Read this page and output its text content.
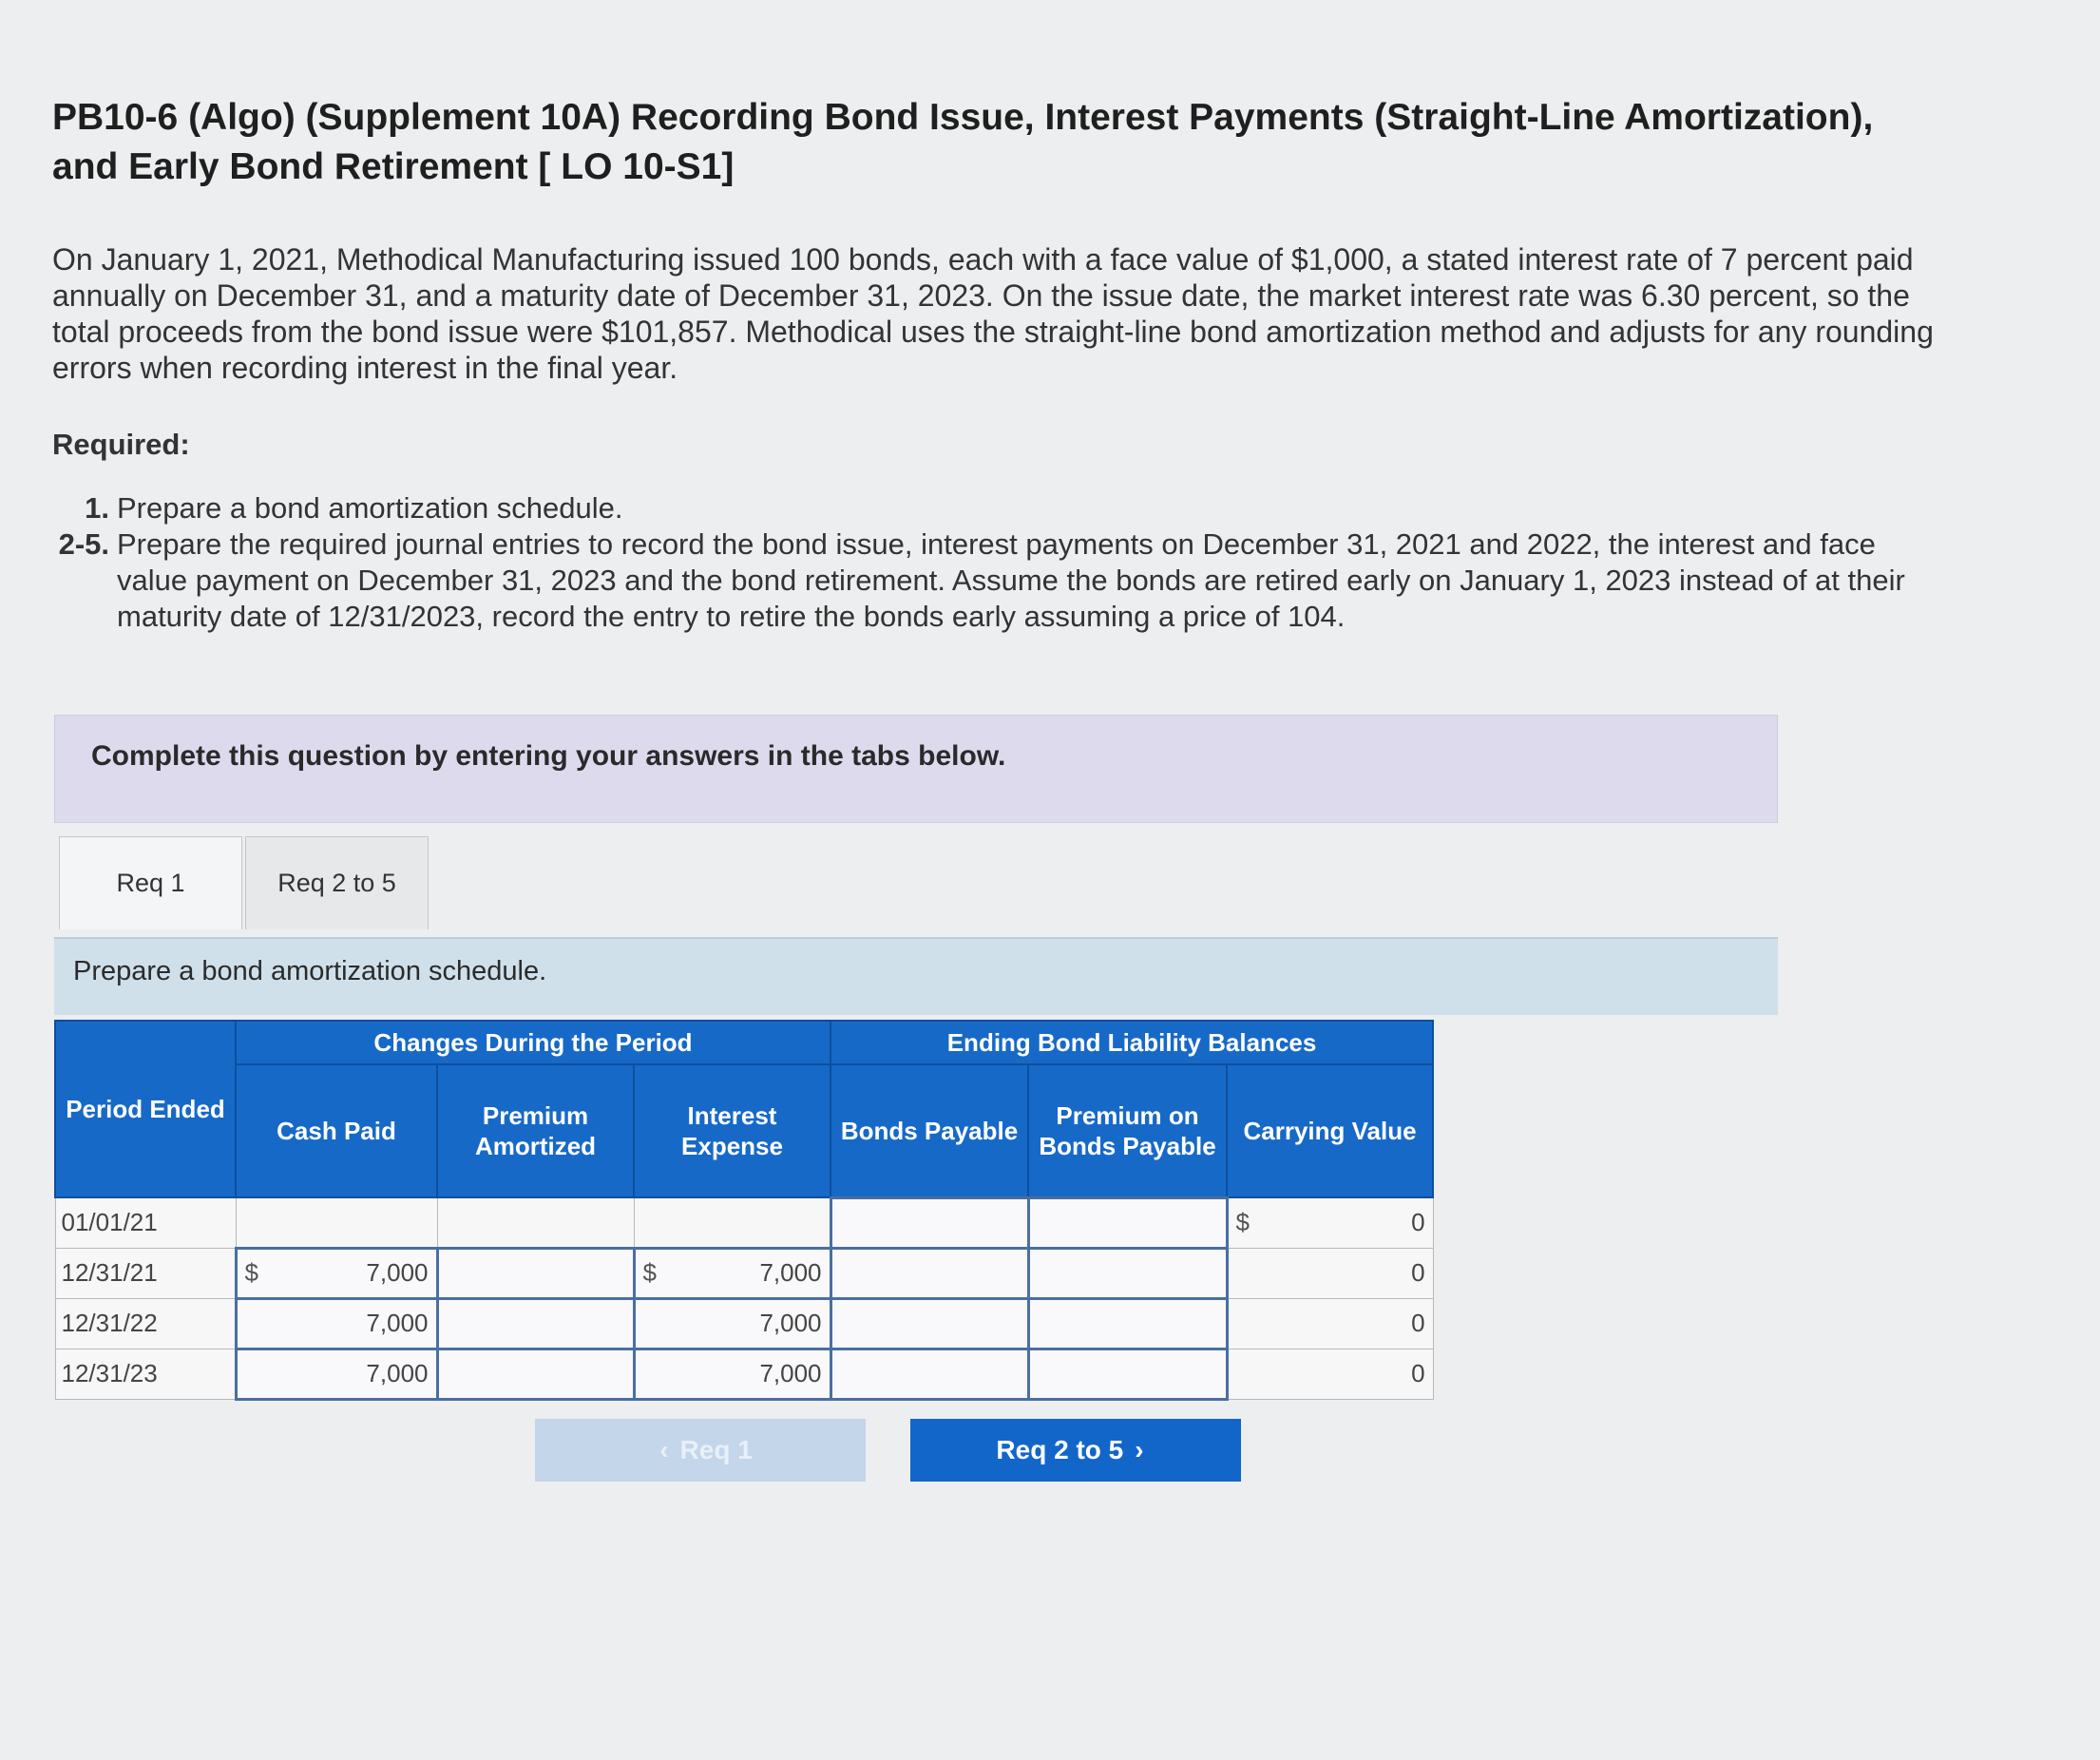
PB10-6 (Algo) (Supplement 10A) Recording Bond Issue, Interest Payments (Straight-Line Amortization), and Early Bond Retirement [ LO 10-S1]
On January 1, 2021, Methodical Manufacturing issued 100 bonds, each with a face value of $1,000, a stated interest rate of 7 percent paid annually on December 31, and a maturity date of December 31, 2023. On the issue date, the market interest rate was 6.30 percent, so the total proceeds from the bond issue were $101,857. Methodical uses the straight-line bond amortization method and adjusts for any rounding errors when recording interest in the final year.
Required:
1. Prepare a bond amortization schedule.
2-5. Prepare the required journal entries to record the bond issue, interest payments on December 31, 2021 and 2022, the interest and face value payment on December 31, 2023 and the bond retirement. Assume the bonds are retired early on January 1, 2023 instead of at their maturity date of 12/31/2023, record the entry to retire the bonds early assuming a price of 104.
Complete this question by entering your answers in the tabs below.
Req 1	Req 2 to 5
Prepare a bond amortization schedule.
Period Ended	Changes During the Period			Ending Bond Liability Balances		
	Cash Paid	Premium Amortized	Interest Expense	Bonds Payable	Premium on Bonds Payable	Carrying Value
01/01/21						$ 0

12/31/21	$ 7,000		$ 7,000			0

12/31/22	7,000		7,000			0

12/31/23	7,000		7,000			0
‹ Req 1	Req 2 to 5 ›
